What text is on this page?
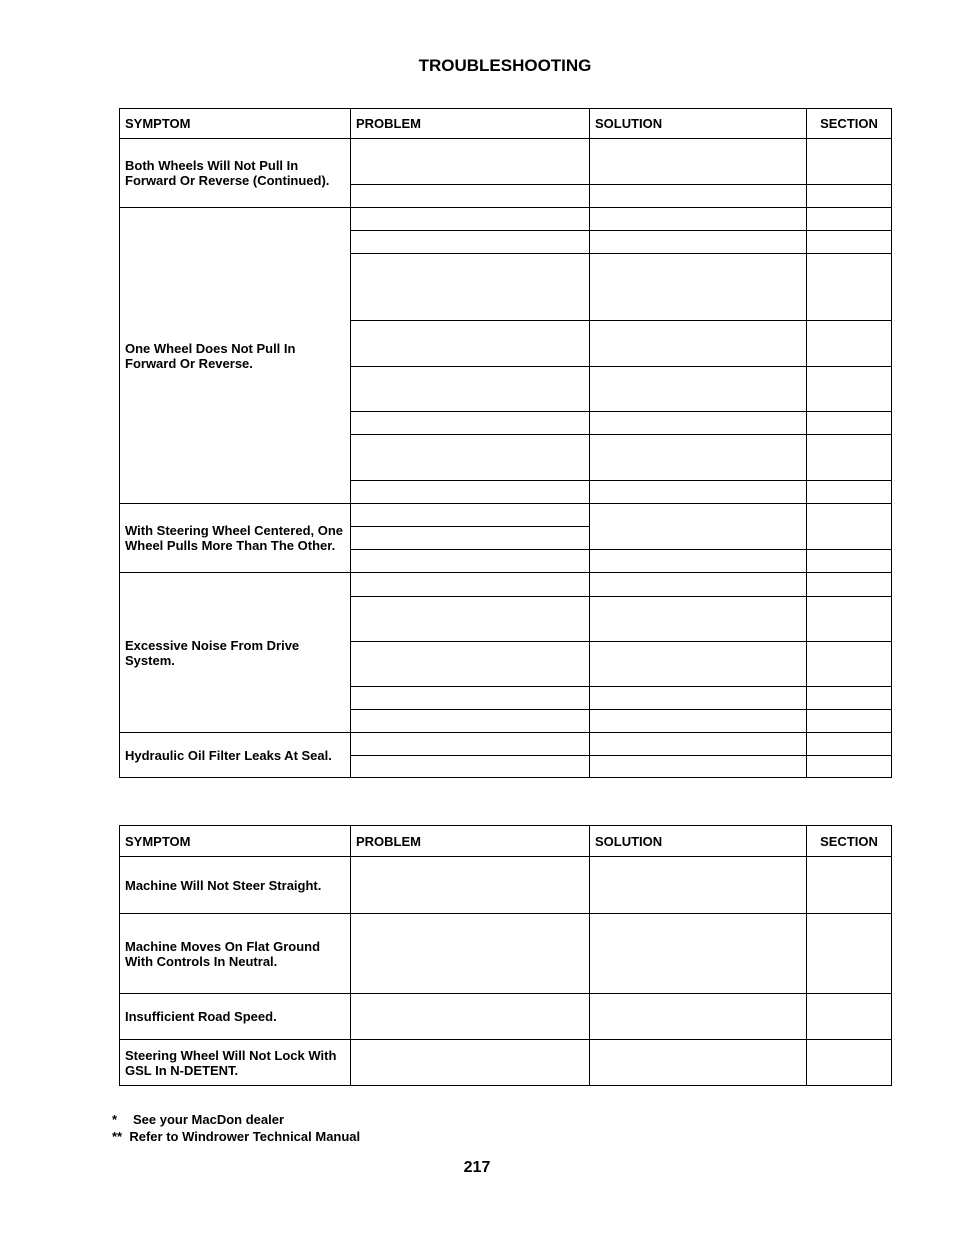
TROUBLESHOOTING
SYMPTOM	PROBLEM	SOLUTION	SECTION
Both Wheels Will Not Pull In Forward Or Reverse (Continued).			

One Wheel Does Not Pull In Forward Or Reverse.			

With Steering Wheel Centered, One Wheel Pulls More Than The Other.			

Excessive Noise From Drive System.			

Hydraulic Oil Filter Leaks At Seal.			

SYMPTOM	PROBLEM	SOLUTION	SECTION
Machine Will Not Steer Straight.			
Machine Moves On Flat Ground With Controls In Neutral.			
Insufficient Road Speed.			
Steering Wheel Will Not Lock With GSL In N-DETENT.			
* See your MacDon dealer
** Refer to Windrower Technical Manual
217
